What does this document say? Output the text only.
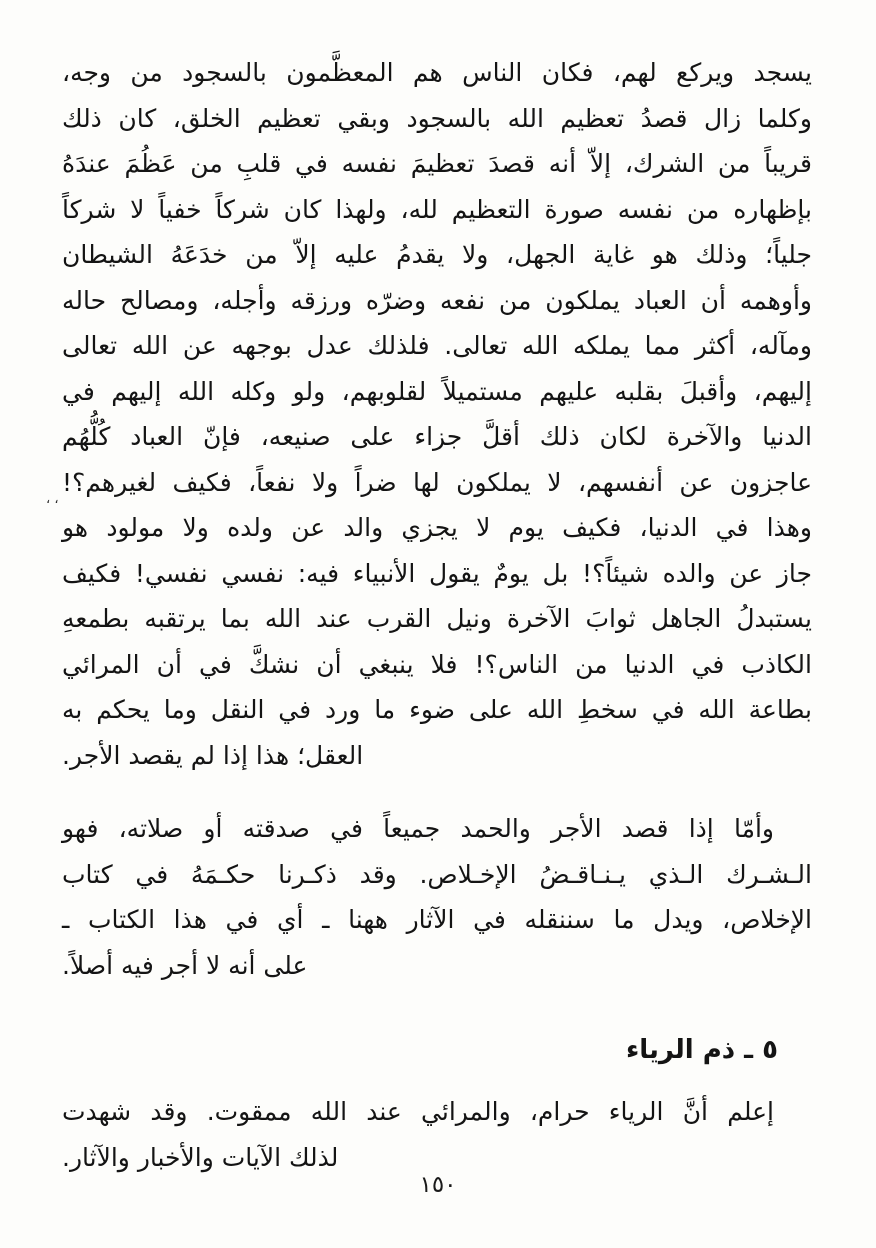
يسجد ويركع لهم، فكان الناس هم المعظَّمون بالسجود من وجه،
وكلما زال قصدُ تعظيم الله بالسجود وبقي تعظيم الخلق، كان ذلك
قريباً من الشرك، إلاّ أنه قصدَ تعظيمَ نفسه في قلبِ من عَظُمَ عندَهُ
بإظهاره من نفسه صورة التعظيم لله، ولهذا كان شركاً خفياً لا شركاً
جلياً؛ وذلك هو غاية الجهل، ولا يقدمُ عليه إلاّ من خدَعَهُ الشيطان
وأوهمه أن العباد يملكون من نفعه وضرّه ورزقه وأجله، ومصالح حاله
ومآله، أكثر مما يملكه الله تعالى. فلذلك عدل بوجهه عن الله تعالى
إليهم، وأقبلَ بقلبه عليهم مستميلاً لقلوبهم، ولو وكله الله إليهم في
الدنيا والآخرة لكان ذلك أقلَّ جزاء على صنيعه، فإنّ العباد كُلُّهُم
عاجزون عن أنفسهم، لا يملكون لها ضراً ولا نفعاً، فكيف لغيرهم؟!
وهذا في الدنيا، فكيف يوم لا يجزي والد عن ولده ولا مولود هو
جاز عن والده شيئاً؟! بل يومٌ يقول الأنبياء فيه: نفسي نفسي! فكيف
يستبدلُ الجاهل ثوابَ الآخرة ونيل القرب عند الله بما يرتقبه بطمعهِ
الكاذب في الدنيا من الناس؟! فلا ينبغي أن نشكَّ في أن المرائي
بطاعة الله في سخطِ الله على ضوء ما ورد في النقل وما يحكم به
العقل؛ هذا إذا لم يقصد الأجر.
وأمّا إذا قصد الأجر والحمد جميعاً في صدقته أو صلاته، فهو
الـشـرك الـذي يـنـاقـضُ الإخـلاص. وقد ذكـرنا حكـمَهُ في كتاب
الإخلاص، ويدل ما سننقله في الآثار ههنا ـ أي في هذا الكتاب ـ
على أنه لا أجر فيه أصلاً.
٥ ـ ذم الرياء
إعلم أنَّ الرياء حرام، والمرائي عند الله ممقوت. وقد شهدت
لذلك الآيات والأخبار والآثار.
، ،
١٥٠
